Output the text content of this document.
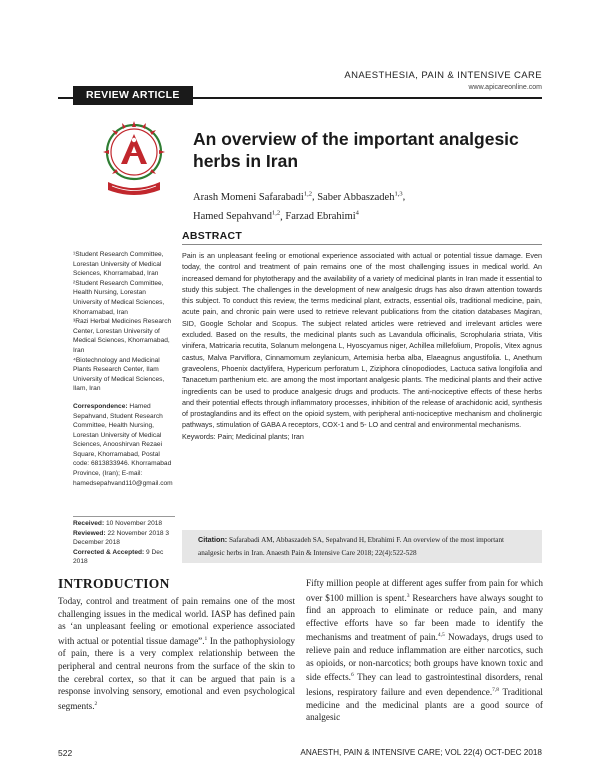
ANAESTHESIA, PAIN & INTENSIVE CARE
www.apicareonline.com
REVIEW ARTICLE
An overview of the important analgesic herbs in Iran
Arash Momeni Safarabadi$^{1,2}$, Saber Abbaszadeh$^{1,3}$,
Hamed Sepahvand$^{1,2}$, Farzad Ebrahimi$^4$
ABSTRACT
Pain is an unpleasant feeling or emotional experience associated with actual or potential tissue damage. Even today, the control and treatment of pain remains one of the most challenging issues in medical world. An increased demand for phytotherapy and the availability of a variety of medicinal plants in Iran made it essential to study this subject. The challenges in the development of new analgesic drugs has also drawn attention towards this subject. To conduct this review, the terms medicinal plant, extracts, essential oils, traditional medicine, pain, acute pain, and chronic pain were used to retrieve relevant publications from the citation databases Magiran, SID, Google Scholar and Scopus. The subject related articles were retrieved and irrelevant articles were excluded. Based on the results, the medicinal plants such as Lavandula officinalis, Scrophularia striata, Vitis vinifera, Matricaria recutita, Solanum melongena L, Hyoscyamus niger, Achillea millefolium, Propolis, Vitex agnus castus, Malva Parviflora, Cinnamomum zeylanicum, Artemisia herba alba, Elaeagnus angustifolia. L, Anethum graveolens, Phoenix dactylifera, Hypericum perforatum L, Ziziphora clinopodiodes, Lactuca sativa longifolia and Tanacetum parthenium etc. are among the most important analgesic plants. The medicinal plants and their active ingredients can be used to produce analgesic drugs and products. The anti-nociceptive effects of these herbs and their potential effects through inflammatory processes, inhibition of the release of arachidonic acid, synthesis of prostaglandins and its effect on the opioid system, with peripheral anti-nociceptive mechanism and cholinergic pathways, stimulation of GABA A receptors, COX-1 and 5- LO and central and environmental mechanisms.
Keywords: Pain; Medicinal plants; Iran
¹Student Research Committee, Lorestan University of Medical Sciences, Khorramabad, Iran
²Student Research Committee, Health Nursing, Lorestan University of Medical Sciences, Khorramabad, Iran
³Razi Herbal Medicines Research Center, Lorestan University of Medical Sciences, Khorramabad, Iran
⁴Biotechnology and Medicinal Plants Research Center, Ilam University of Medical Sciences, Ilam, Iran
Correspondence: Hamed Sepahvand, Student Research Committee, Health Nursing, Lorestan University of Medical Sciences, Anooshirvan Rezaei Square, Khorramabad, Postal code: 6813833946. Khorramabad Province, (Iran); E-mail: hamedsepahvand110@gmail.com
Received: 10 November 2018
Reviewed: 22 November 2018 3 December 2018
Corrected & Accepted: 9 Dec 2018
Citation: Safarabadi AM, Abbaszadeh SA, Sepahvand H, Ebrahimi F. An overview of the most important analgesic herbs in Iran. Anaesth Pain & Intensive Care 2018; 22(4):522-528
INTRODUCTION
Today, control and treatment of pain remains one of the most challenging issues in the medical world. IASP has defined pain as ‘an unpleasant feeling or emotional experience associated with actual or potential tissue damage”.$^1$ In the pathophysiology of pain, there is a very complex relationship between the peripheral and central neurons from the surface of the skin to the cerebral cortex, so that it can be argued that pain is a response involving sensory, emotional and even psychological segments.$^2$
Fifty million people at different ages suffer from pain for which over $100 million is spent.$^3$ Researchers have always sought to find an approach to eliminate or reduce pain, and many effective efforts have so far been made to identify the mechanisms and treatment of pain.$^{4,5}$ Nowadays, drugs used to relieve pain and reduce inflammation are either narcotics, such as opioids, or non-narcotics; both groups have known toxic and side effects.$^6$ They can lead to gastrointestinal disorders, renal lesions, respiratory failure and even dependence.$^{7,8}$ Traditional medicine and the medicinal plants are a good source of analgesic
522	ANAESTH, PAIN & INTENSIVE CARE; VOL 22(4) OCT-DEC 2018
